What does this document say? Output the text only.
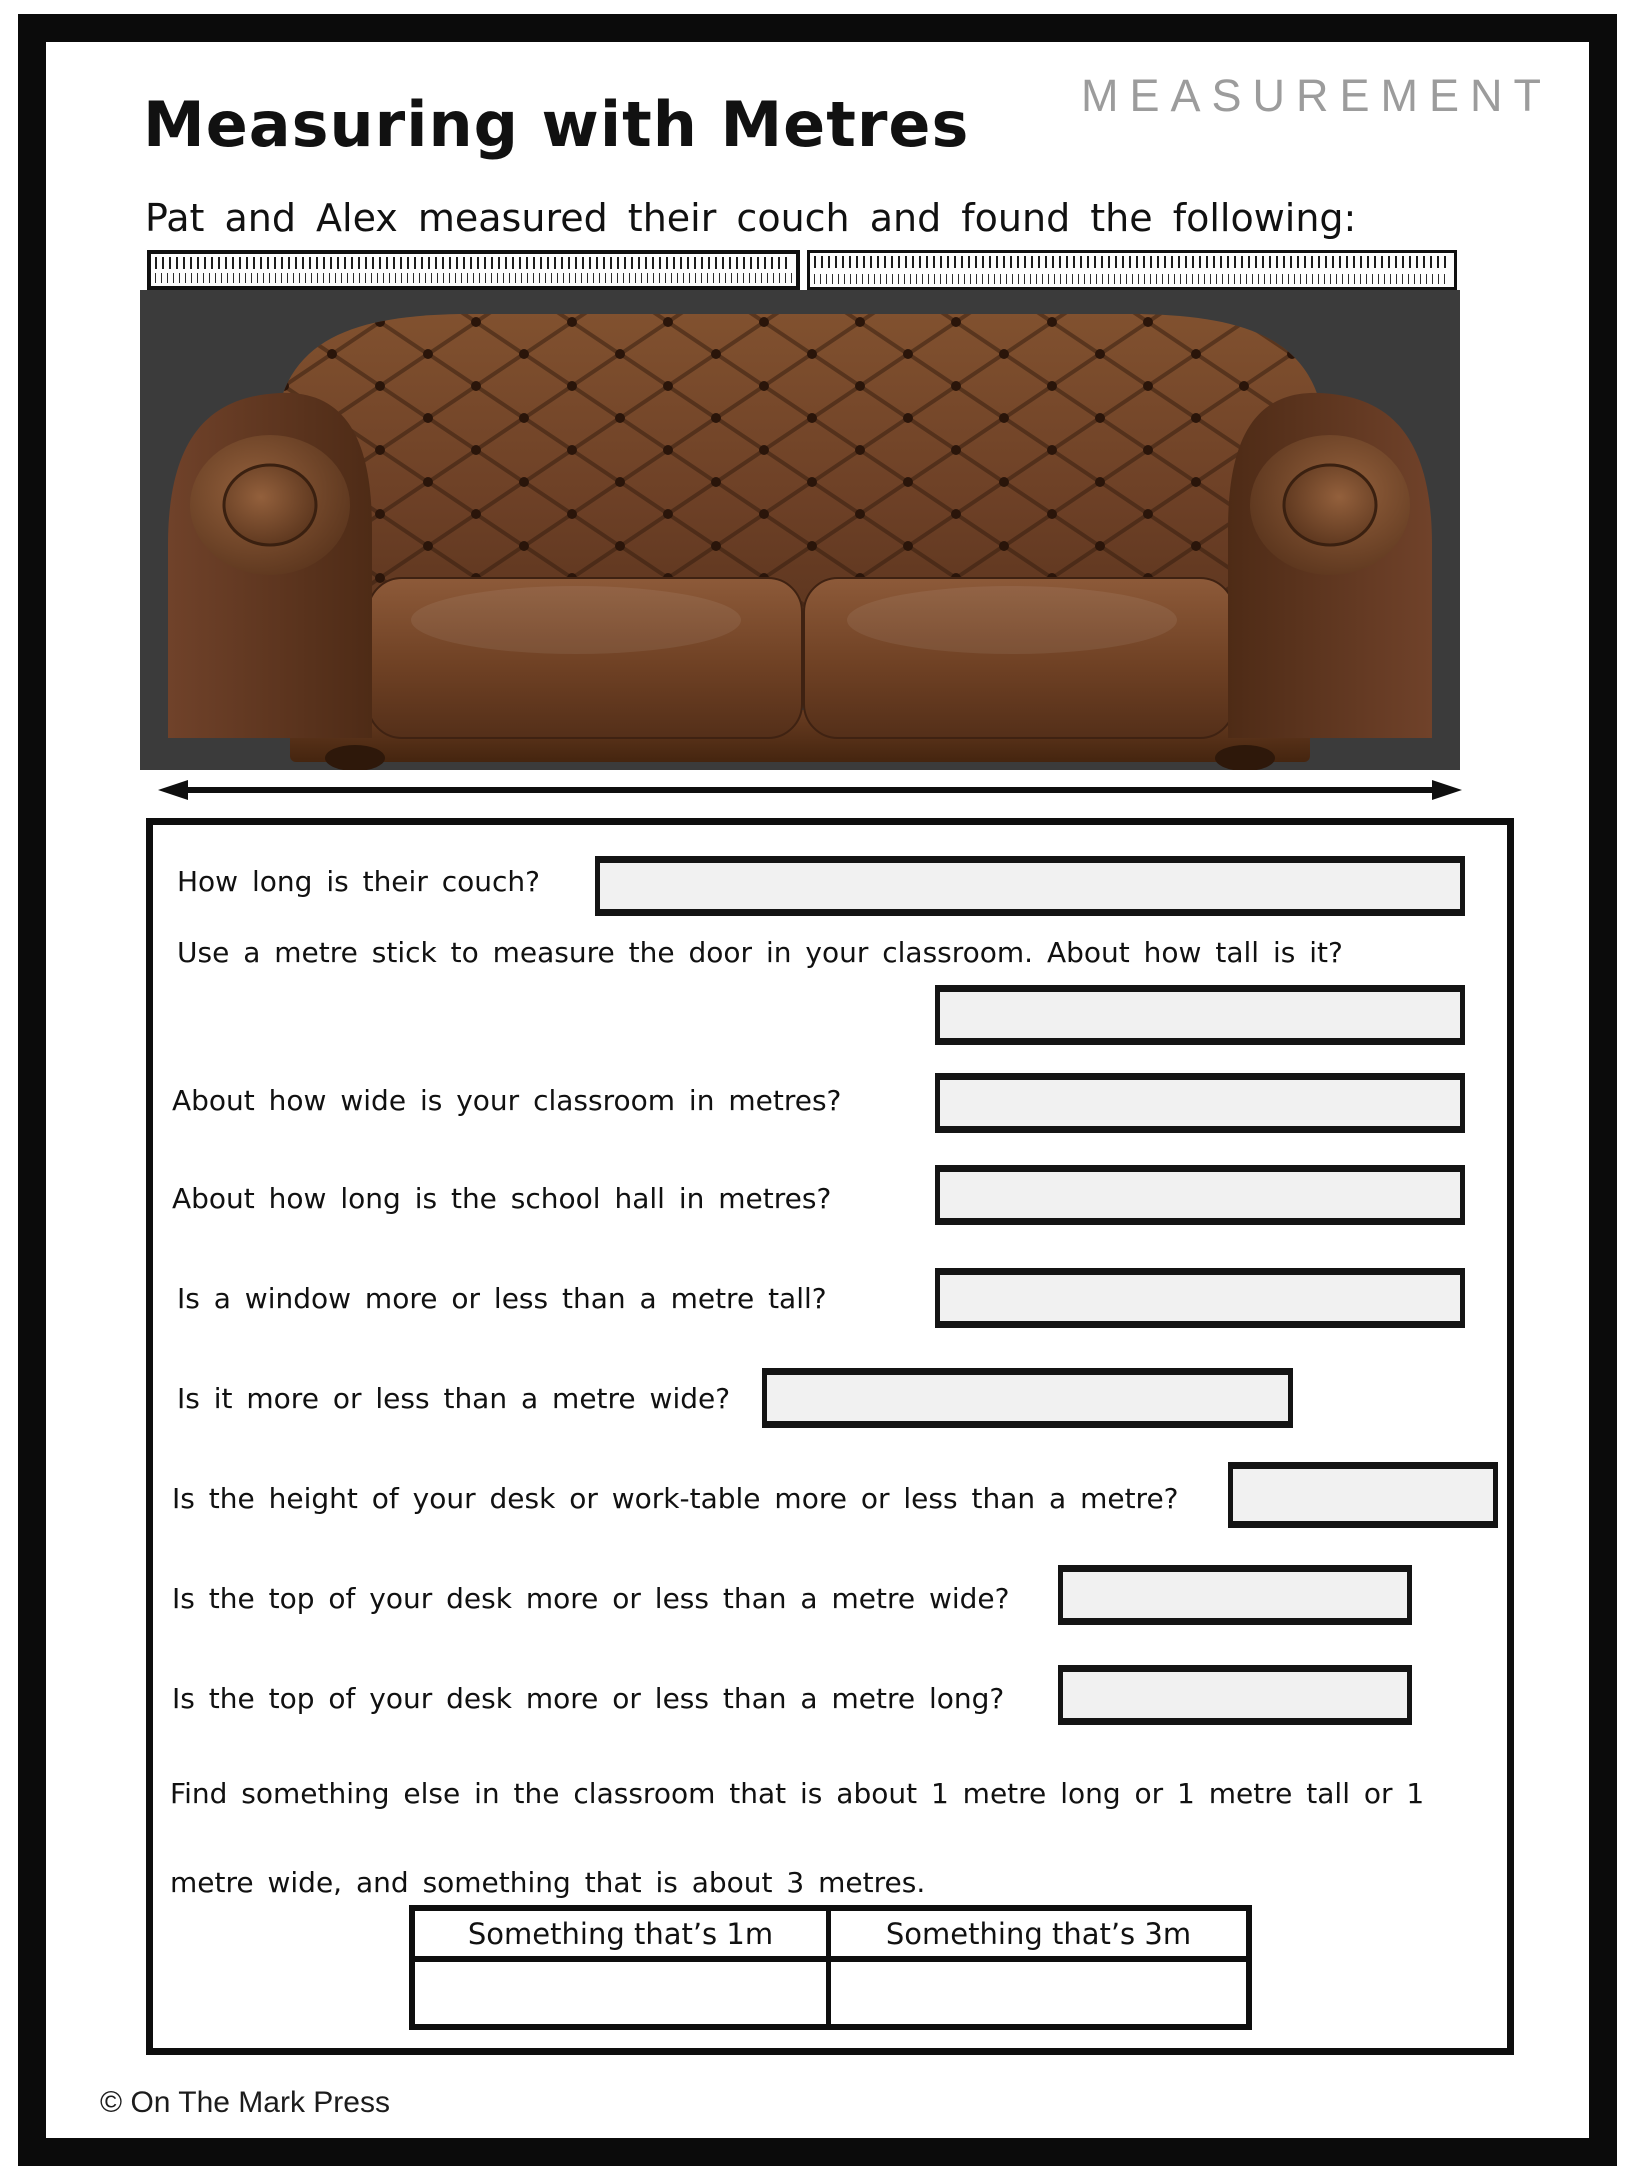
MEASUREMENT
Measuring with Metres
Pat and Alex measured their couch and found the following:
How long is their couch?
Use a metre stick to measure the door in your classroom. About how tall is it?
About how wide is your classroom in metres?
About how long is the school hall in metres?
Is a window more or less than a metre tall?
Is it more or less than a metre wide?
Is the height of your desk or work-table more or less than a metre?
Is the top of your desk more or less than a metre wide?
Is the top of your desk more or less than a metre long?
Find something else in the classroom that is about 1 metre long or 1 metre tall or 1
metre wide, and something that is about 3 metres.
Something that’s 1m	Something that’s 3m
© On The Mark Press
